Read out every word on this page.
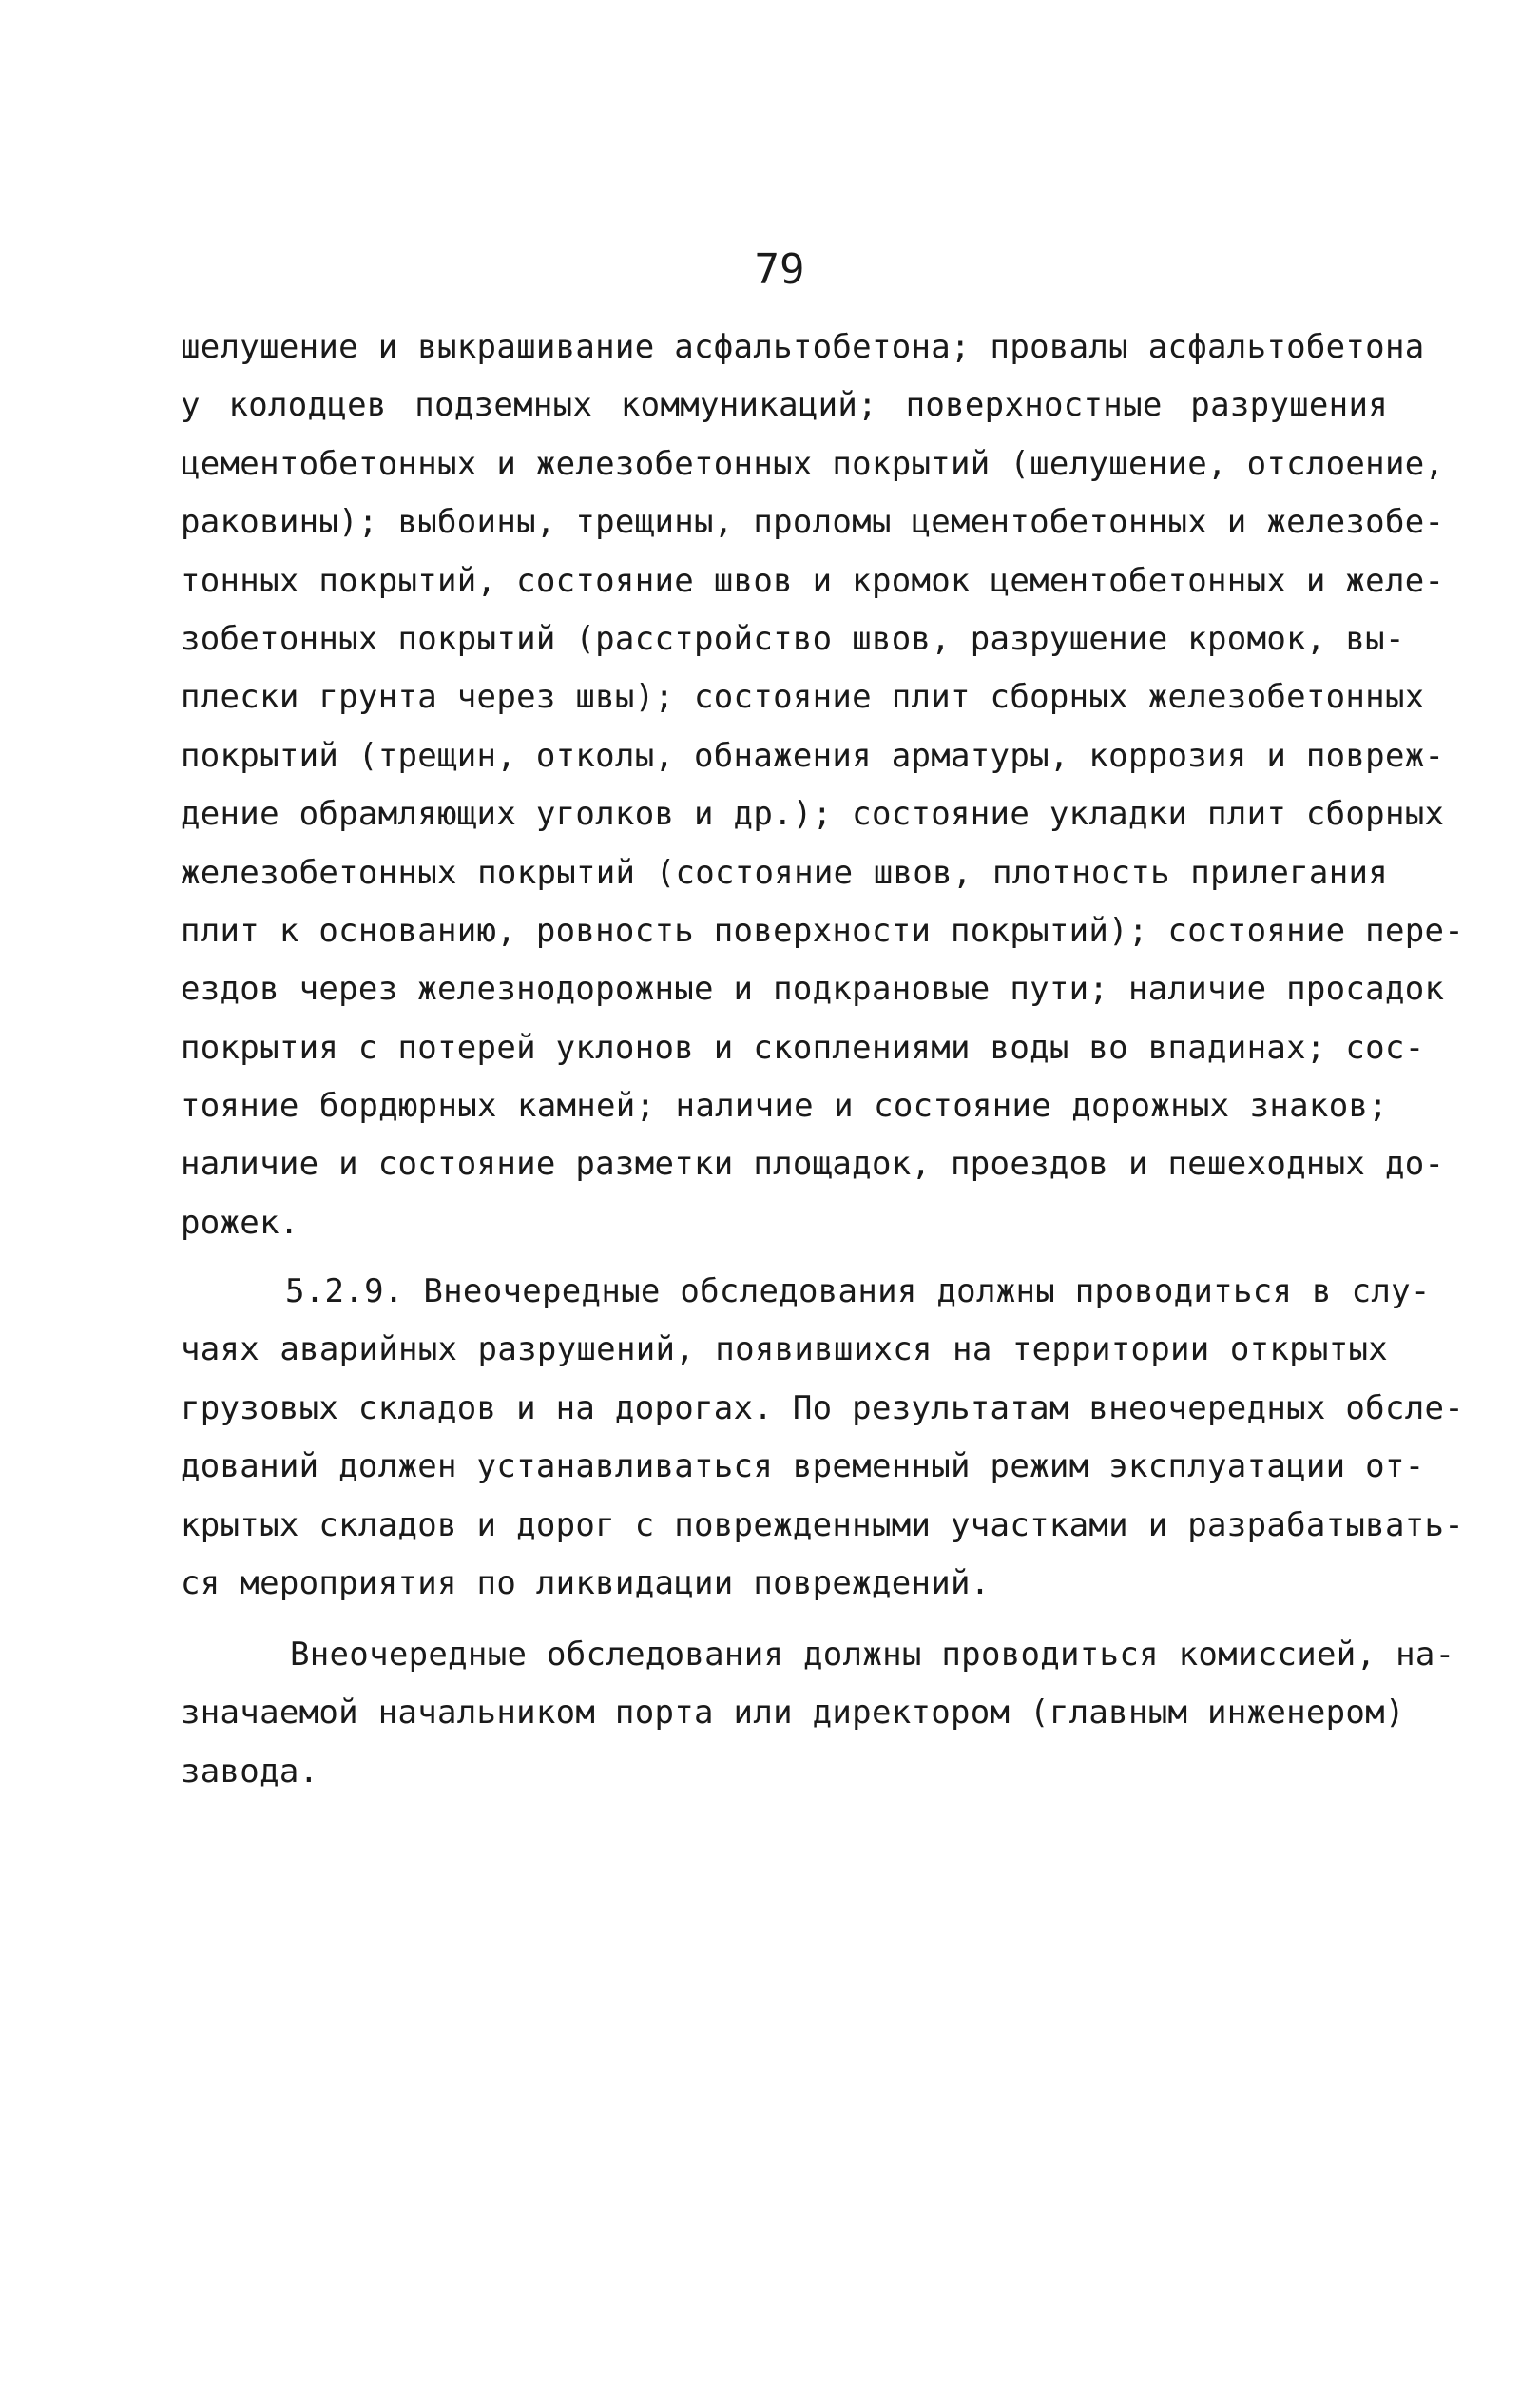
79
шелушение и выкрашивание асфальтобетона; провалы асфальтобетона
у колодцев подземных коммуникаций; поверхностные разрушения
цементобетонных и железобетонных покрытий (шелушение, отслоение,
раковины); выбоины, трещины, проломы цементобетонных и железобе-
тонных покрытий, состояние швов и кромок цементобетонных и желе-
зобетонных покрытий (расстройство швов, разрушение кромок, вы-
плески грунта через швы); состояние плит сборных железобетонных
покрытий (трещин, отколы, обнажения арматуры, коррозия и повреж-
дение обрамляющих уголков и др.); состояние укладки плит сборных
железобетонных покрытий (состояние швов, плотность прилегания
плит к основанию, ровность поверхности покрытий); состояние пере-
ездов через железнодорожные и подкрановые пути; наличие просадок
покрытия с потерей уклонов и скоплениями воды во впадинах; сос-
тояние бордюрных камней; наличие и состояние дорожных знаков;
наличие и состояние разметки площадок, проездов и пешеходных до-
рожек.
5.2.9. Внеочередные обследования должны проводиться в слу-
чаях аварийных разрушений, появившихся на территории открытых
грузовых складов и на дорогах. По результатам внеочередных обсле-
дований должен устанавливаться временный режим эксплуатации от-
крытых складов и дорог с поврежденными участками и разрабатывать-
ся мероприятия по ликвидации повреждений.
Внеочередные обследования должны проводиться комиссией, на-
значаемой начальником порта или директором (главным инженером)
завода.
